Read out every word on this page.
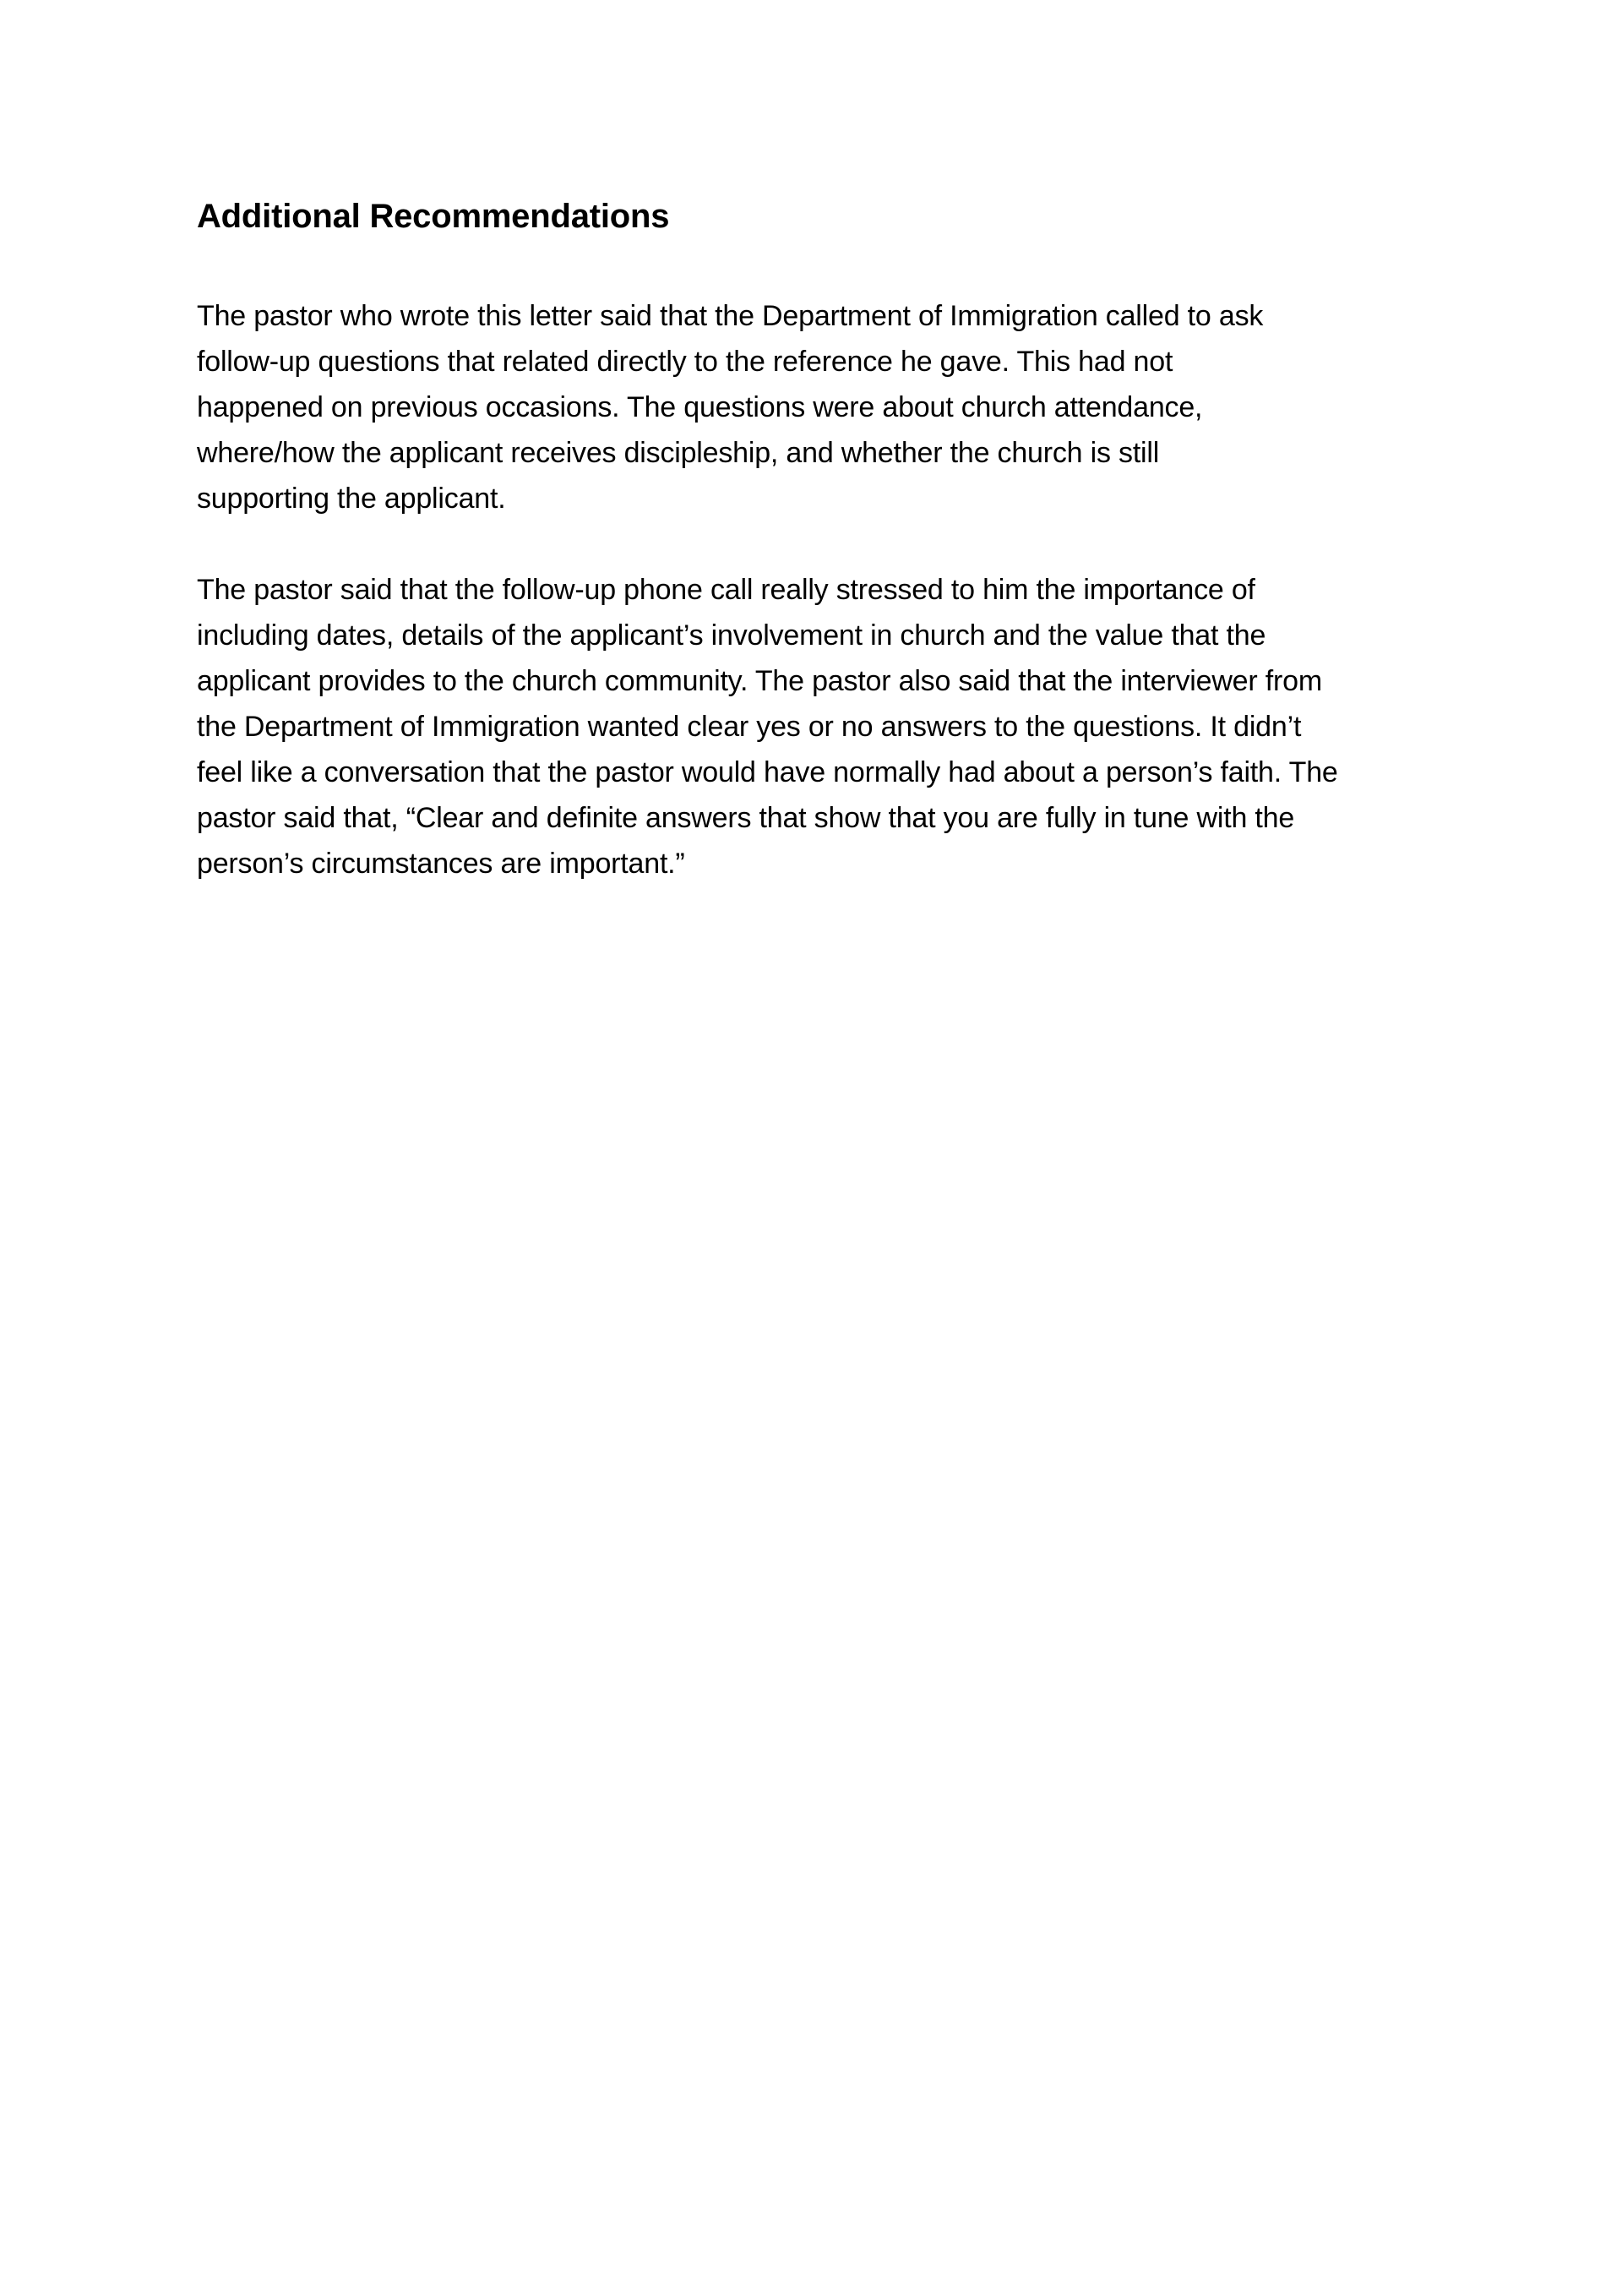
Additional Recommendations
The pastor who wrote this letter said that the Department of Immigration called to ask
follow-up questions that related directly to the reference he gave. This had not
happened on previous occasions. The questions were about church attendance,
where/how the applicant receives discipleship, and whether the church is still
supporting the applicant.
The pastor said that the follow-up phone call really stressed to him the importance of
including dates, details of the applicant’s involvement in church and the value that the
applicant provides to the church community. The pastor also said that the interviewer from
the Department of Immigration wanted clear yes or no answers to the questions. It didn’t
feel like a conversation that the pastor would have normally had about a person’s faith. The
pastor said that, “Clear and definite answers that show that you are fully in tune with the
person’s circumstances are important.”
